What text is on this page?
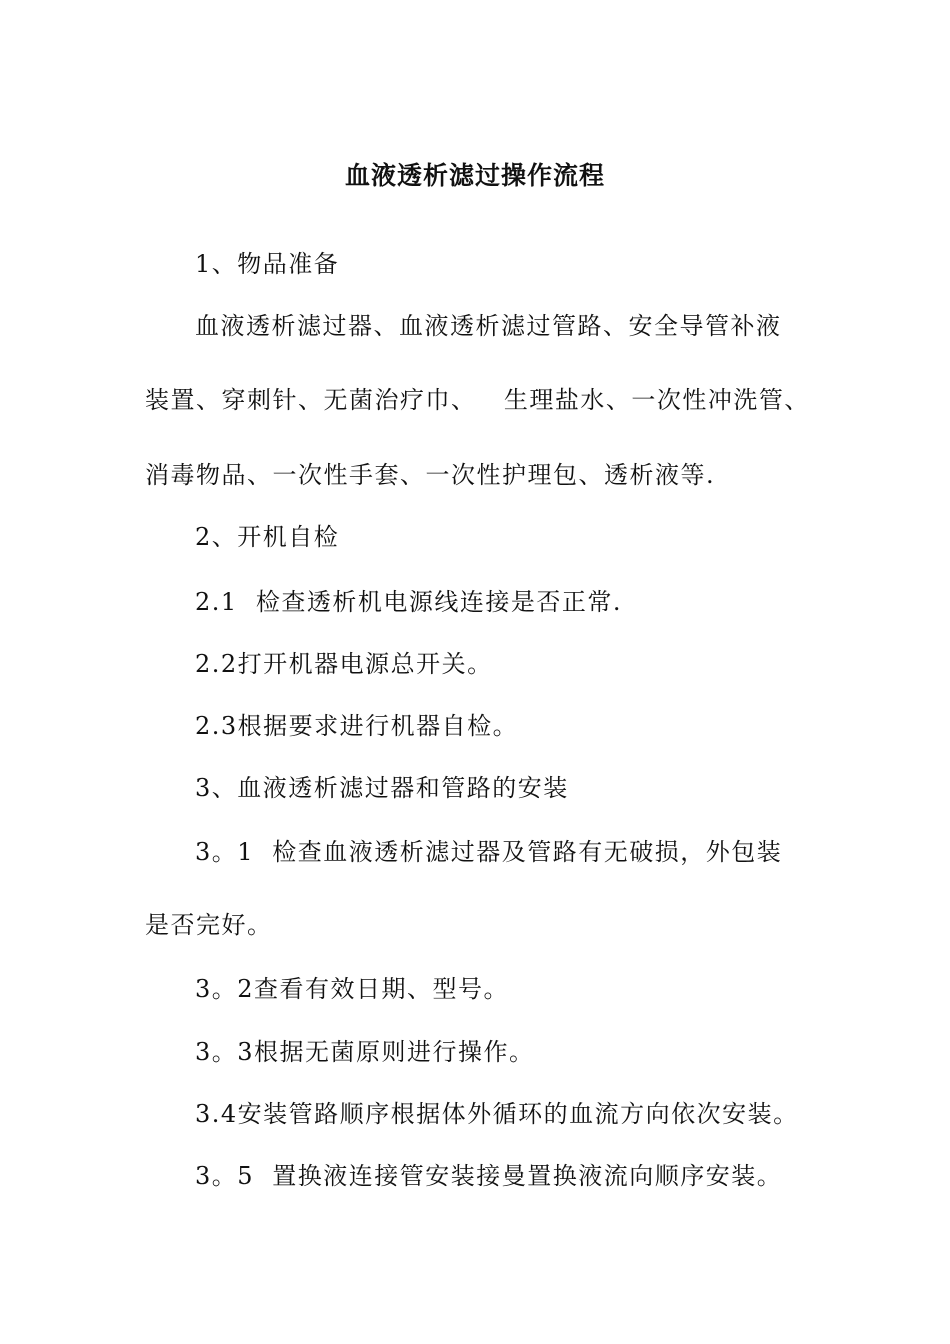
血液透析滤过操作流程
1、物品准备
血液透析滤过器、血液透析滤过管路、安全导管补液
装置、穿刺针、无菌治疗巾、   生理盐水、一次性冲洗管、
消毒物品、一次性手套、一次性护理包、透析液等.
2、开机自检
2.1  检查透析机电源线连接是否正常.
2.2打开机器电源总开关。
2.3根据要求进行机器自检。
3、血液透析滤过器和管路的安装
3。1  检查血液透析滤过器及管路有无破损，外包装
是否完好。
3。2查看有效日期、型号。
3。3根据无菌原则进行操作。
3.4安装管路顺序根据体外循环的血流方向依次安装。
3。5  置换液连接管安装接曼置换液流向顺序安装。
